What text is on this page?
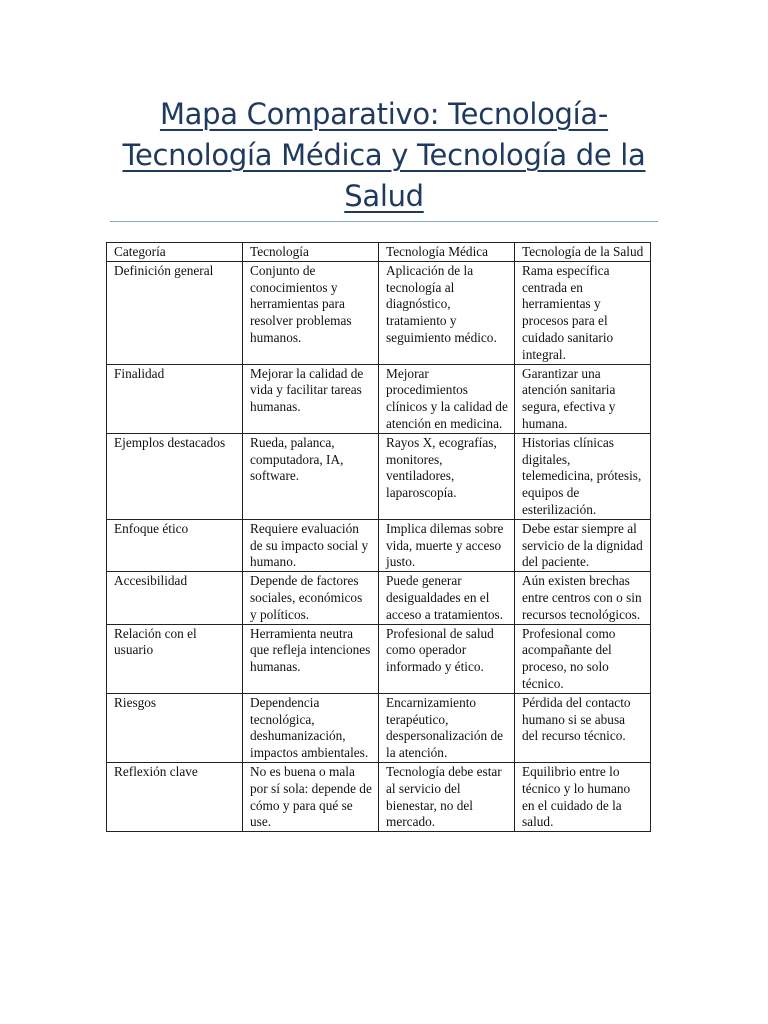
Mapa Comparativo: Tecnología-
Tecnología Médica y Tecnología de la
Salud
Categoría	Tecnología	Tecnología Médica	Tecnología de la Salud
Definición general	Conjunto de conocimientos y herramientas para resolver problemas humanos.	Aplicación de la tecnología al diagnóstico, tratamiento y seguimiento médico.	Rama específica centrada en herramientas y procesos para el cuidado sanitario integral.
Finalidad	Mejorar la calidad de vida y facilitar tareas humanas.	Mejorar procedimientos clínicos y la calidad de atención en medicina.	Garantizar una atención sanitaria segura, efectiva y humana.
Ejemplos destacados	Rueda, palanca, computadora, IA, software.	Rayos X, ecografías, monitores, ventiladores, laparoscopía.	Historias clínicas digitales, telemedicina, prótesis, equipos de esterilización.
Enfoque ético	Requiere evaluación de su impacto social y humano.	Implica dilemas sobre vida, muerte y acceso justo.	Debe estar siempre al servicio de la dignidad del paciente.
Accesibilidad	Depende de factores sociales, económicos y políticos.	Puede generar desigualdades en el acceso a tratamientos.	Aún existen brechas entre centros con o sin recursos tecnológicos.
Relación con el usuario	Herramienta neutra que refleja intenciones humanas.	Profesional de salud como operador informado y ético.	Profesional como acompañante del proceso, no solo técnico.
Riesgos	Dependencia tecnológica, deshumanización, impactos ambientales.	Encarnizamiento terapéutico, despersonalización de la atención.	Pérdida del contacto humano si se abusa del recurso técnico.
Reflexión clave	No es buena o mala por sí sola: depende de cómo y para qué se use.	Tecnología debe estar al servicio del bienestar, no del mercado.	Equilibrio entre lo técnico y lo humano en el cuidado de la salud.
